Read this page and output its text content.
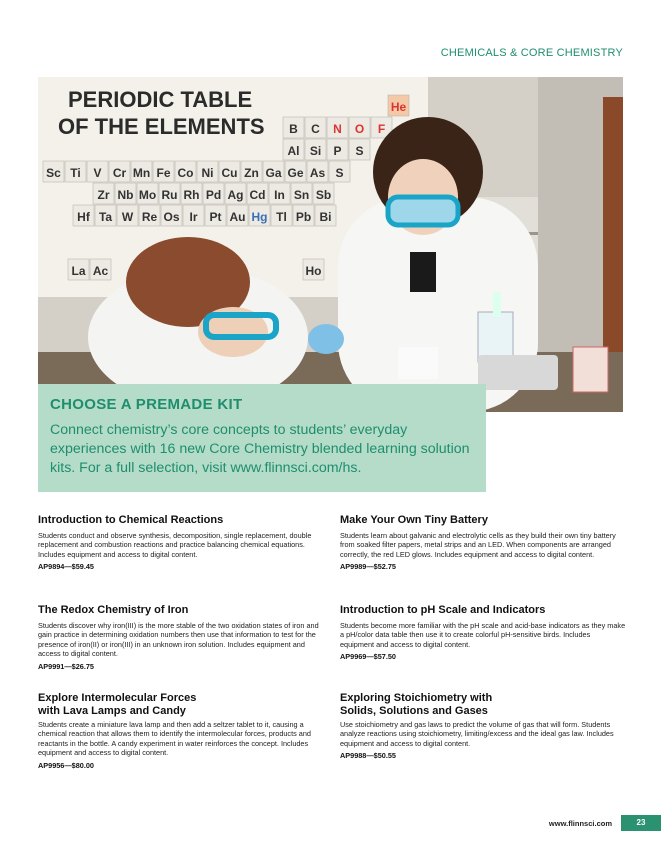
CHEMICALS & CORE CHEMISTRY
PERIODIC TABLE
OF THE ELEMENTS
He
B C N O F
Al Si P S
Sc Ti V Cr Mn Fe Co Ni Cu Zn Ga Ge As S
Zr Nb Mo Ru Rh Pd Ag Cd In Sn Sb
Hf Ta W Re Os Ir Pt Au Hg Tl Pb Bi
La Ac	Ho
CHOOSE A PREMADE KIT
Connect chemistry’s core concepts to students’ everyday experiences with 16 new Core Chemistry blended learning solution kits. For a full selection, visit www.flinnsci.com/hs.
Introduction to Chemical Reactions

Students conduct and observe synthesis, decomposition, single replacement, double replacement and combustion reactions and practice balancing chemical equations. Includes equipment and access to digital content.

AP9894—$59.45
Make Your Own Tiny Battery

Students learn about galvanic and electrolytic cells as they build their own tiny battery from soaked filter papers, metal strips and an LED. When components are arranged correctly, the red LED glows. Includes equipment and access to digital content.

AP9989—$52.75
The Redox Chemistry of Iron

Students discover why iron(III) is the more stable of the two oxidation states of iron and gain practice in determining oxidation numbers then use that information to test for the presence of iron(II) or iron(III) in an unknown iron solution. Includes equipment and access to digital content.

AP9991—$26.75
Introduction to pH Scale and Indicators

Students become more familiar with the pH scale and acid-base indicators as they make a pH/color data table then use it to create colorful pH-sensitive birds. Includes equipment and access to digital content.

AP9969—$57.50
Explore Intermolecular Forces with Lava Lamps and Candy

Students create a miniature lava lamp and then add a seltzer tablet to it, causing a chemical reaction that allows them to identify the intermolecular forces, products and reactants in the bottle. A candy experiment in water reinforces the concept. Includes equipment and access to digital content.

AP9956—$80.00
Exploring Stoichiometry with Solids, Solutions and Gases

Use stoichiometry and gas laws to predict the volume of gas that will form. Students analyze reactions using stoichiometry, limiting/excess and the ideal gas law. Includes equipment and access to digital content.

AP9988—$50.55
www.flinnsci.com	23
